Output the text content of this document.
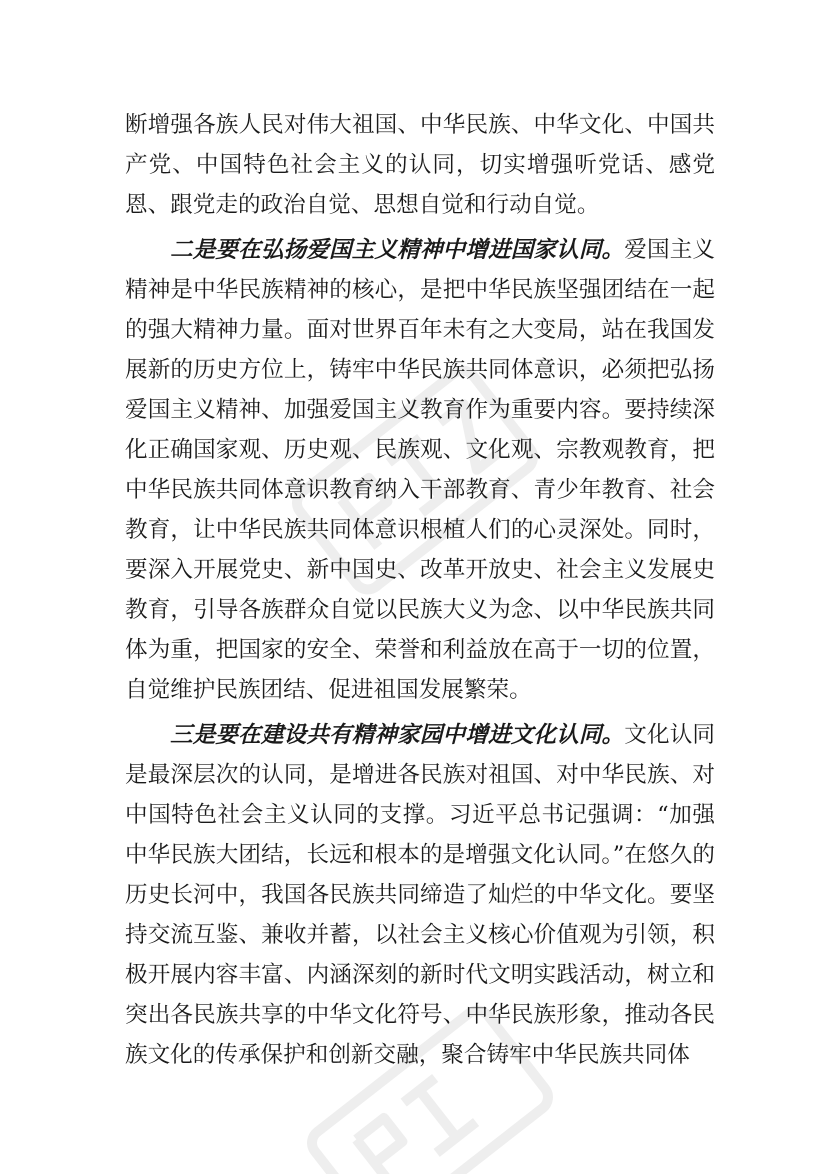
断增强各族人民对伟大祖国、中华民族、中华文化、中国共产党、中国特色社会主义的认同，切实增强听党话、感党恩、跟党走的政治自觉、思想自觉和行动自觉。

二是要在弘扬爱国主义精神中增进国家认同。爱国主义精神是中华民族精神的核心，是把中华民族坚强团结在一起的强大精神力量。面对世界百年未有之大变局，站在我国发展新的历史方位上，铸牢中华民族共同体意识，必须把弘扬爱国主义精神、加强爱国主义教育作为重要内容。要持续深化正确国家观、历史观、民族观、文化观、宗教观教育，把中华民族共同体意识教育纳入干部教育、青少年教育、社会教育，让中华民族共同体意识根植人们的心灵深处。同时，要深入开展党史、新中国史、改革开放史、社会主义发展史教育，引导各族群众自觉以民族大义为念、以中华民族共同体为重，把国家的安全、荣誉和利益放在高于一切的位置，自觉维护民族团结、促进祖国发展繁荣。

三是要在建设共有精神家园中增进文化认同。文化认同是最深层次的认同，是增进各民族对祖国、对中华民族、对中国特色社会主义认同的支撑。习近平总书记强调：“加强中华民族大团结，长远和根本的是增强文化认同。”在悠久的历史长河中，我国各民族共同缔造了灿烂的中华文化。要坚持交流互鉴、兼收并蓄，以社会主义核心价值观为引领，积极开展内容丰富、内涵深刻的新时代文明实践活动，树立和突出各民族共享的中华文化符号、中华民族形象，推动各民族文化的传承保护和创新交融，聚合铸牢中华民族共同体
